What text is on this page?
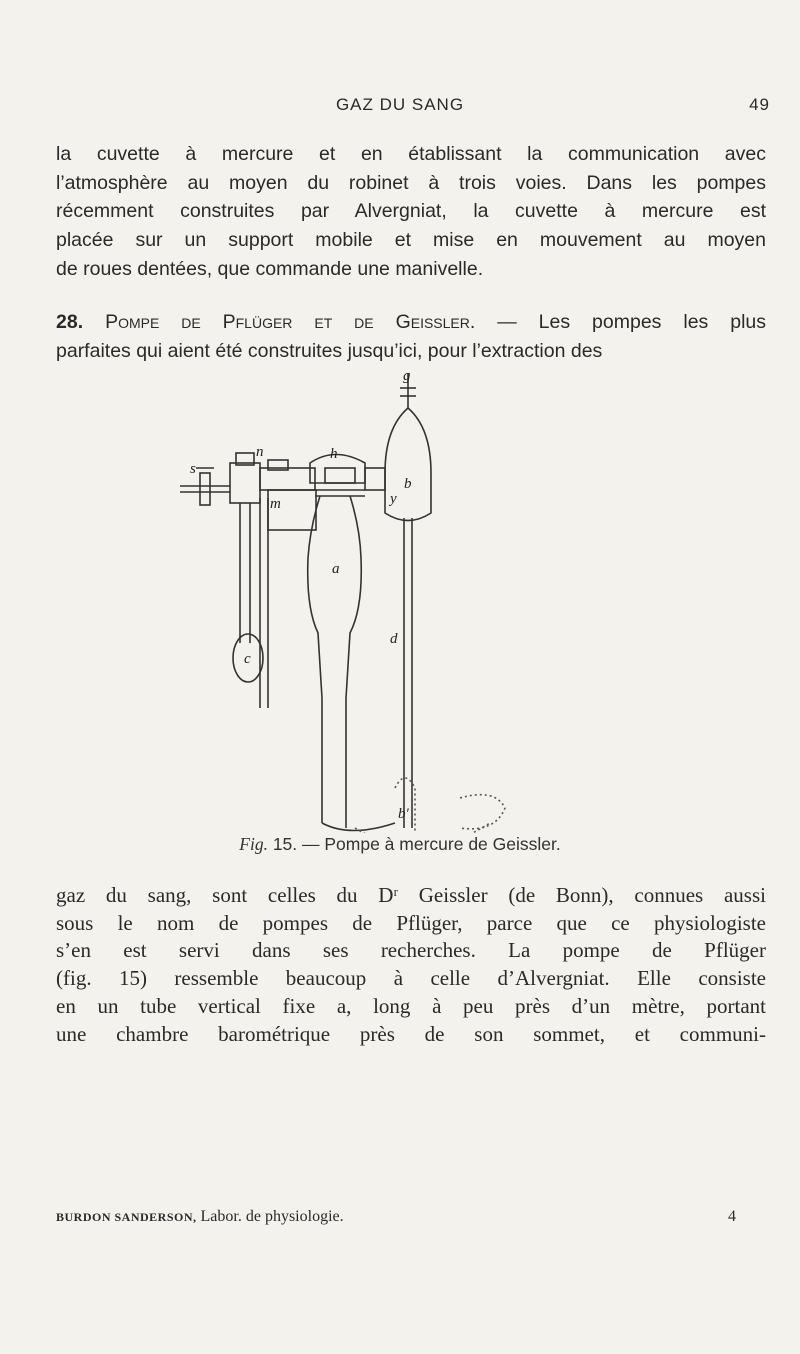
GAZ DU SANG	49
la cuvette à mercure et en établissant la communication avec
l’atmosphère au moyen du robinet à trois voies. Dans les pompes
récemment construites par Alvergniat, la cuvette à mercure est
placée sur un support mobile et mise en mouvement au moyen
de roues dentées, que commande une manivelle.
28. Pompe de Pflüger et de Geissler. — Les pompes les plus
parfaites qui aient été construites jusqu’ici, pour l’extraction des
n	h
s
g
y
m
c
a
b
d
b′
Fig. 15. — Pompe à mercure de Geissler.
gaz du sang, sont celles du Dʳ Geissler (de Bonn), connues aussi
sous le nom de pompes de Pflüger, parce que ce physiologiste
s’en est servi dans ses recherches. La pompe de Pflüger
(fig. 15) ressemble beaucoup à celle d’Alvergniat. Elle consiste
en un tube vertical fixe a, long à peu près d’un mètre, portant
une chambre barométrique près de son sommet, et communi-
BURDON SANDERSON, Labor. de physiologie.	4
